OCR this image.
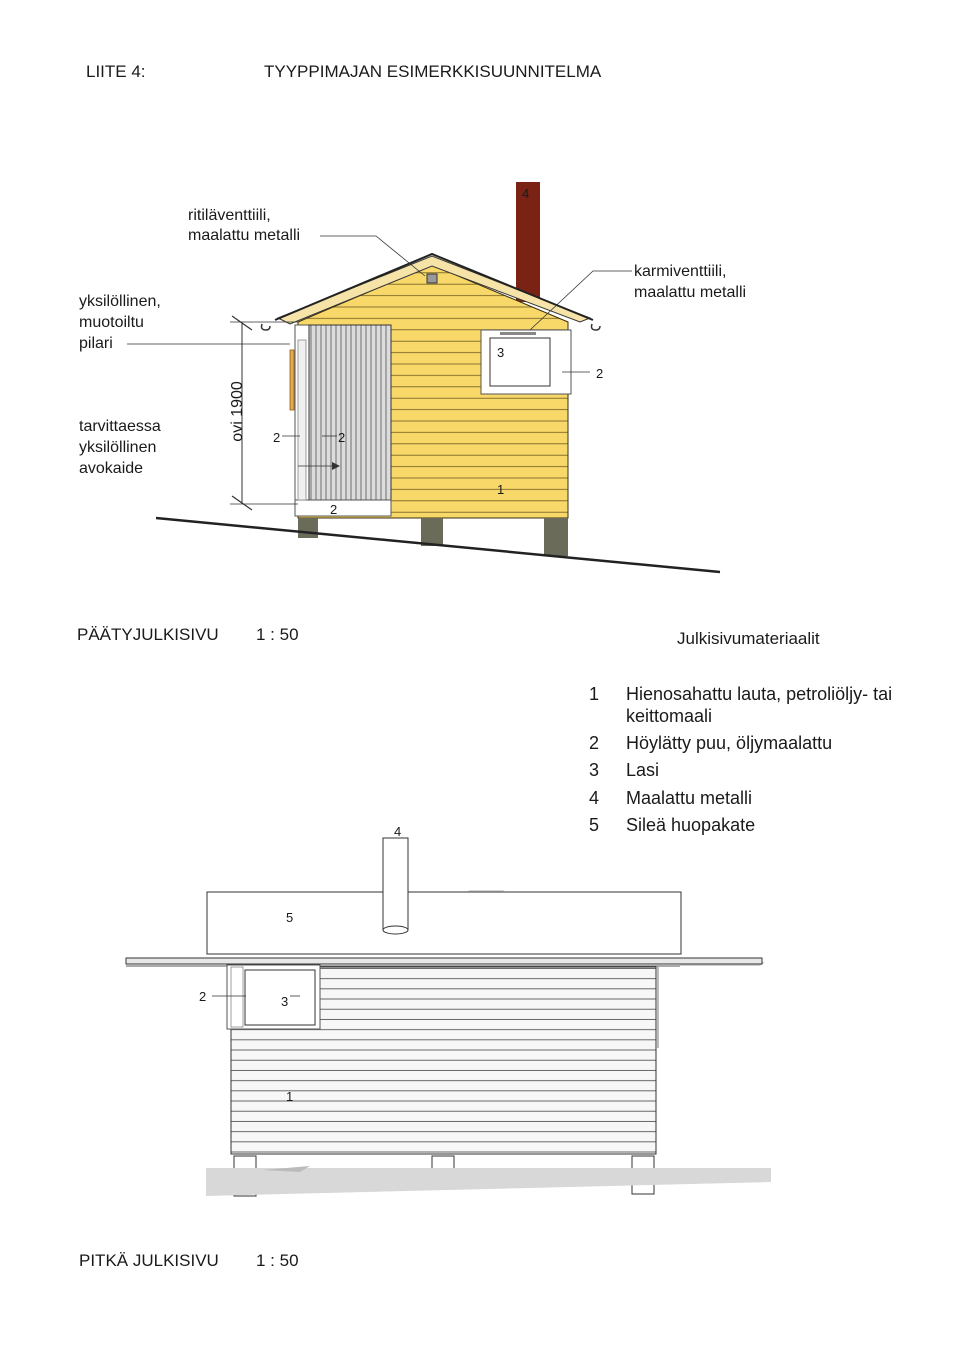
LIITE 4:	TYYPPIMAJAN ESIMERKKISUUNNITELMA
ritiläventtiili,
maalattu metalli
yksilöllinen,
muotoiltu
pilari
tarvittaessa
yksilöllinen
avokaide
karmiventtiili,
maalattu metalli
ovi 1900
4
3
2
2	2
1
2
PÄÄTYJULKISIVU 1 : 50	Julkisivumateriaalit
1 Hienosahattu lauta, petroliöljy- tai keittomaali
2 Höylätty puu, öljymaalattu
3 Lasi
4 Maalattu metalli
5 Sileä huopakate
4
5
2	3
1
PITKÄ JULKISIVU 1 : 50
